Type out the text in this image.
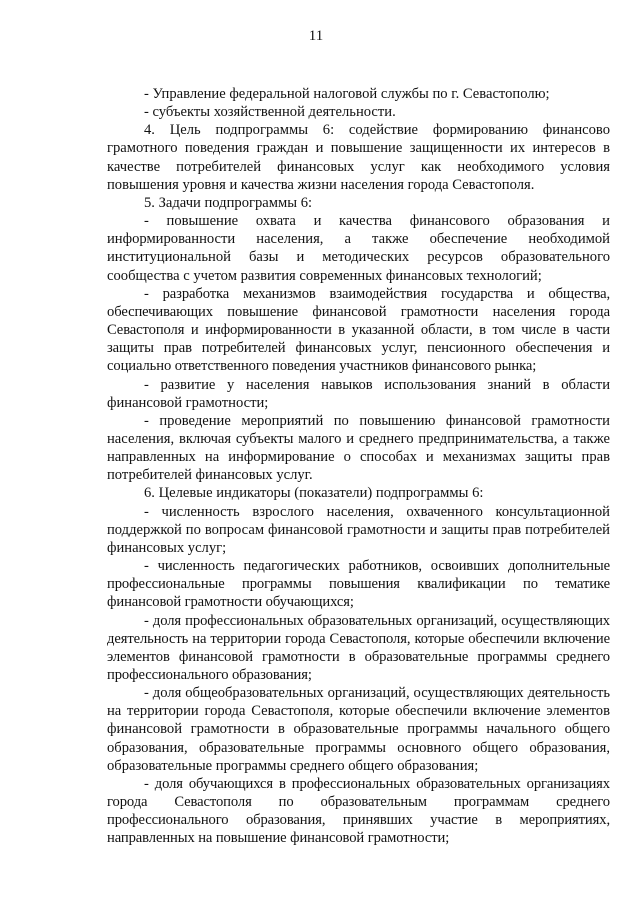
11

- Управление федеральной налоговой службы по г. Севастополю;

- субъекты хозяйственной деятельности.

4. Цель подпрограммы 6: содействие формированию финансово грамотного поведения граждан и повышение защищенности их интересов в качестве потребителей финансовых услуг как необходимого условия повышения уровня и качества жизни населения города Севастополя.

5. Задачи подпрограммы 6:

- повышение охвата и качества финансового образования и информированности населения, а также обеспечение необходимой институциональной базы и методических ресурсов образовательного сообщества с учетом развития современных финансовых технологий;

- разработка механизмов взаимодействия государства и общества, обеспечивающих повышение финансовой грамотности населения города Севастополя и информированности в указанной области, в том числе в части защиты прав потребителей финансовых услуг, пенсионного обеспечения и социально ответственного поведения участников финансового рынка;

- развитие у населения навыков использования знаний в области финансовой грамотности;

- проведение мероприятий по повышению финансовой грамотности населения, включая субъекты малого и среднего предпринимательства, а также направленных на информирование о способах и механизмах защиты прав потребителей финансовых услуг.

6. Целевые индикаторы (показатели) подпрограммы 6:

- численность взрослого населения, охваченного консультационной поддержкой по вопросам финансовой грамотности и защиты прав потребителей финансовых услуг;

- численность педагогических работников, освоивших дополнительные профессиональные программы повышения квалификации по тематике финансовой грамотности обучающихся;

- доля профессиональных образовательных организаций, осуществляющих деятельность на территории города Севастополя, которые обеспечили включение элементов финансовой грамотности в образовательные программы среднего профессионального образования;

- доля общеобразовательных организаций, осуществляющих деятельность на территории города Севастополя, которые обеспечили включение элементов финансовой грамотности в образовательные программы начального общего образования, образовательные программы основного общего образования, образовательные программы среднего общего образования;

- доля обучающихся в профессиональных образовательных организациях города Севастополя по образовательным программам среднего профессионального образования, принявших участие в мероприятиях, направленных на повышение финансовой грамотности;
